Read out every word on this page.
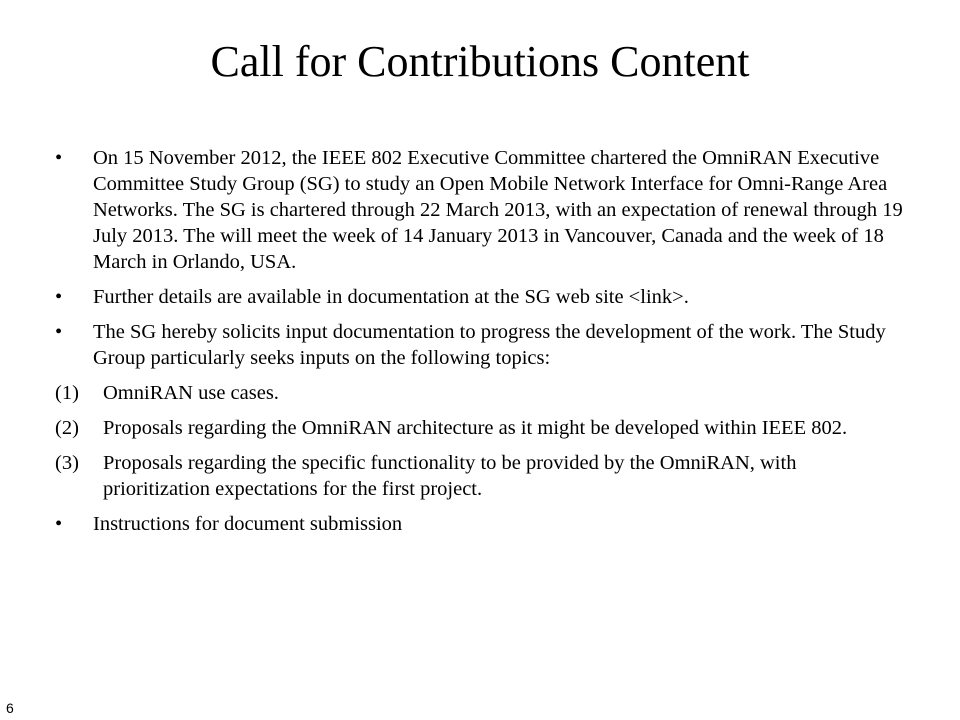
Call for Contributions Content
•	On 15 November 2012, the IEEE 802 Executive Committee chartered the OmniRAN Executive Committee Study Group (SG) to study an Open Mobile Network Interface for Omni-Range Area Networks. The SG is chartered through 22 March 2013, with an expectation of renewal through 19 July 2013. The will meet the week of 14 January 2013 in Vancouver, Canada and the week of 18 March in Orlando, USA.
•	Further details are available in documentation at the SG web site <link>.
•	The SG hereby solicits input documentation to progress the development of the work. The Study Group particularly seeks inputs on the following topics:
(1) OmniRAN use cases.
(2) Proposals regarding the OmniRAN architecture as it might be developed within IEEE 802.
(3) Proposals regarding the specific functionality to be provided by the OmniRAN, with prioritization expectations for the first project.
•	Instructions for document submission
6
